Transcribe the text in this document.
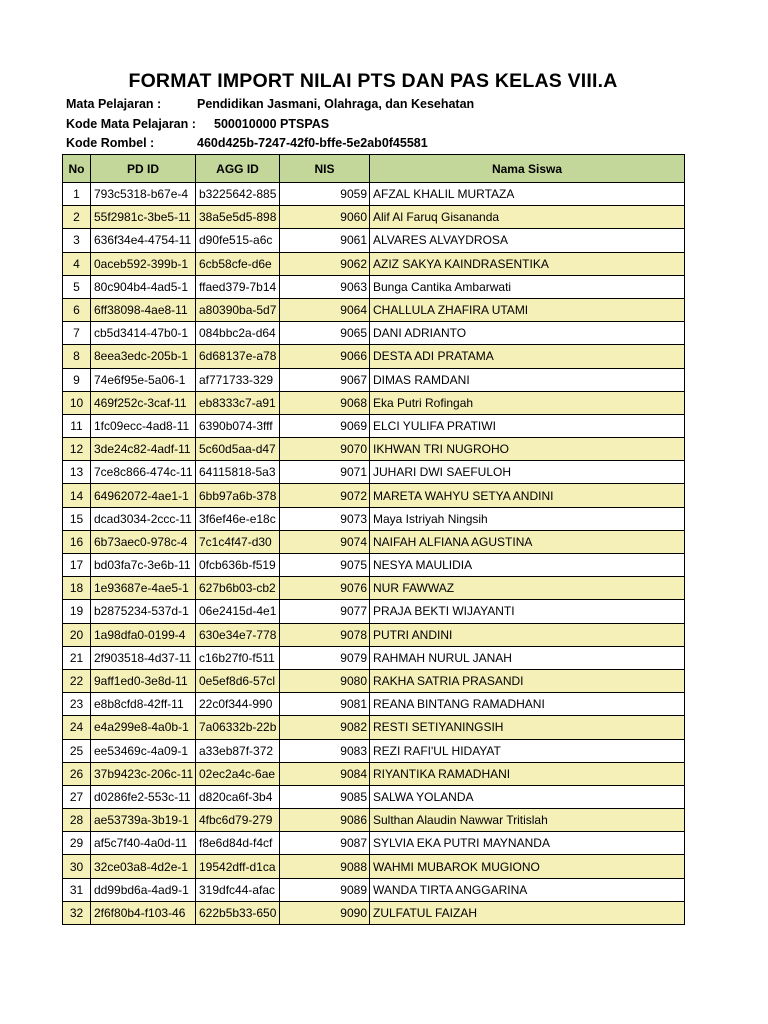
FORMAT IMPORT NILAI PTS DAN PAS KELAS VIII.A
Mata Pelajaran :	Pendidikan Jasmani, Olahraga, dan Kesehatan
Kode Mata Pelajaran : 500010000 PTSPAS
Kode Rombel :	460d425b-7247-42f0-bffe-5e2ab0f45581
No	PD ID	AGG ID	NIS	Nama Siswa
1	793c5318-b67e-4	b3225642-885	9059	AFZAL KHALIL MURTAZA
2	55f2981c-3be5-11	38a5e5d5-898	9060	Alif Al Faruq Gisananda
3	636f34e4-4754-11	d90fe515-a6c	9061	ALVARES ALVAYDROSA
4	0aceb592-399b-1	6cb58cfe-d6e	9062	AZIZ SAKYA KAINDRASENTIKA
5	80c904b4-4ad5-1	ffaed379-7b14	9063	Bunga Cantika Ambarwati
6	6ff38098-4ae8-11	a80390ba-5d7	9064	CHALLULA ZHAFIRA UTAMI
7	cb5d3414-47b0-1	084bbc2a-d64	9065	DANI ADRIANTO
8	8eea3edc-205b-1	6d68137e-a78	9066	DESTA ADI PRATAMA
9	74e6f95e-5a06-1	af771733-329	9067	DIMAS RAMDANI
10	469f252c-3caf-11	eb8333c7-a91	9068	Eka Putri Rofingah
11	1fc09ecc-4ad8-11	6390b074-3fff	9069	ELCI YULIFA PRATIWI
12	3de24c82-4adf-11	5c60d5aa-d47	9070	IKHWAN TRI NUGROHO
13	7ce8c866-474c-11	64115818-5a3	9071	JUHARI DWI SAEFULOH
14	64962072-4ae1-1	6bb97a6b-378	9072	MARETA WAHYU SETYA ANDINI
15	dcad3034-2ccc-11	3f6ef46e-e18c	9073	Maya Istriyah Ningsih
16	6b73aec0-978c-4	7c1c4f47-d30	9074	NAIFAH ALFIANA AGUSTINA
17	bd03fa7c-3e6b-11	0fcb636b-f519	9075	NESYA MAULIDIA
18	1e93687e-4ae5-1	627b6b03-cb2	9076	NUR FAWWAZ
19	b2875234-537d-1	06e2415d-4e1	9077	PRAJA BEKTI WIJAYANTI
20	1a98dfa0-0199-4	630e34e7-778	9078	PUTRI ANDINI
21	2f903518-4d37-11	c16b27f0-f511	9079	RAHMAH NURUL JANAH
22	9aff1ed0-3e8d-11	0e5ef8d6-57cl	9080	RAKHA SATRIA PRASANDI
23	e8b8cfd8-42ff-11	22c0f344-990	9081	REANA BINTANG RAMADHANI
24	e4a299e8-4a0b-1	7a06332b-22b	9082	RESTI SETIYANINGSIH
25	ee53469c-4a09-1	a33eb87f-372	9083	REZI RAFI'UL HIDAYAT
26	37b9423c-206c-11	02ec2a4c-6ae	9084	RIYANTIKA RAMADHANI
27	d0286fe2-553c-11	d820ca6f-3b4	9085	SALWA YOLANDA
28	ae53739a-3b19-1	4fbc6d79-279	9086	Sulthan Alaudin Nawwar Tritislah
29	af5c7f40-4a0d-11	f8e6d84d-f4cf	9087	SYLVIA EKA PUTRI MAYNANDA
30	32ce03a8-4d2e-1	19542dff-d1ca	9088	WAHMI MUBAROK MUGIONO
31	dd99bd6a-4ad9-1	319dfc44-afac	9089	WANDA TIRTA ANGGARINA
32	2f6f80b4-f103-46	622b5b33-650	9090	ZULFATUL FAIZAH
